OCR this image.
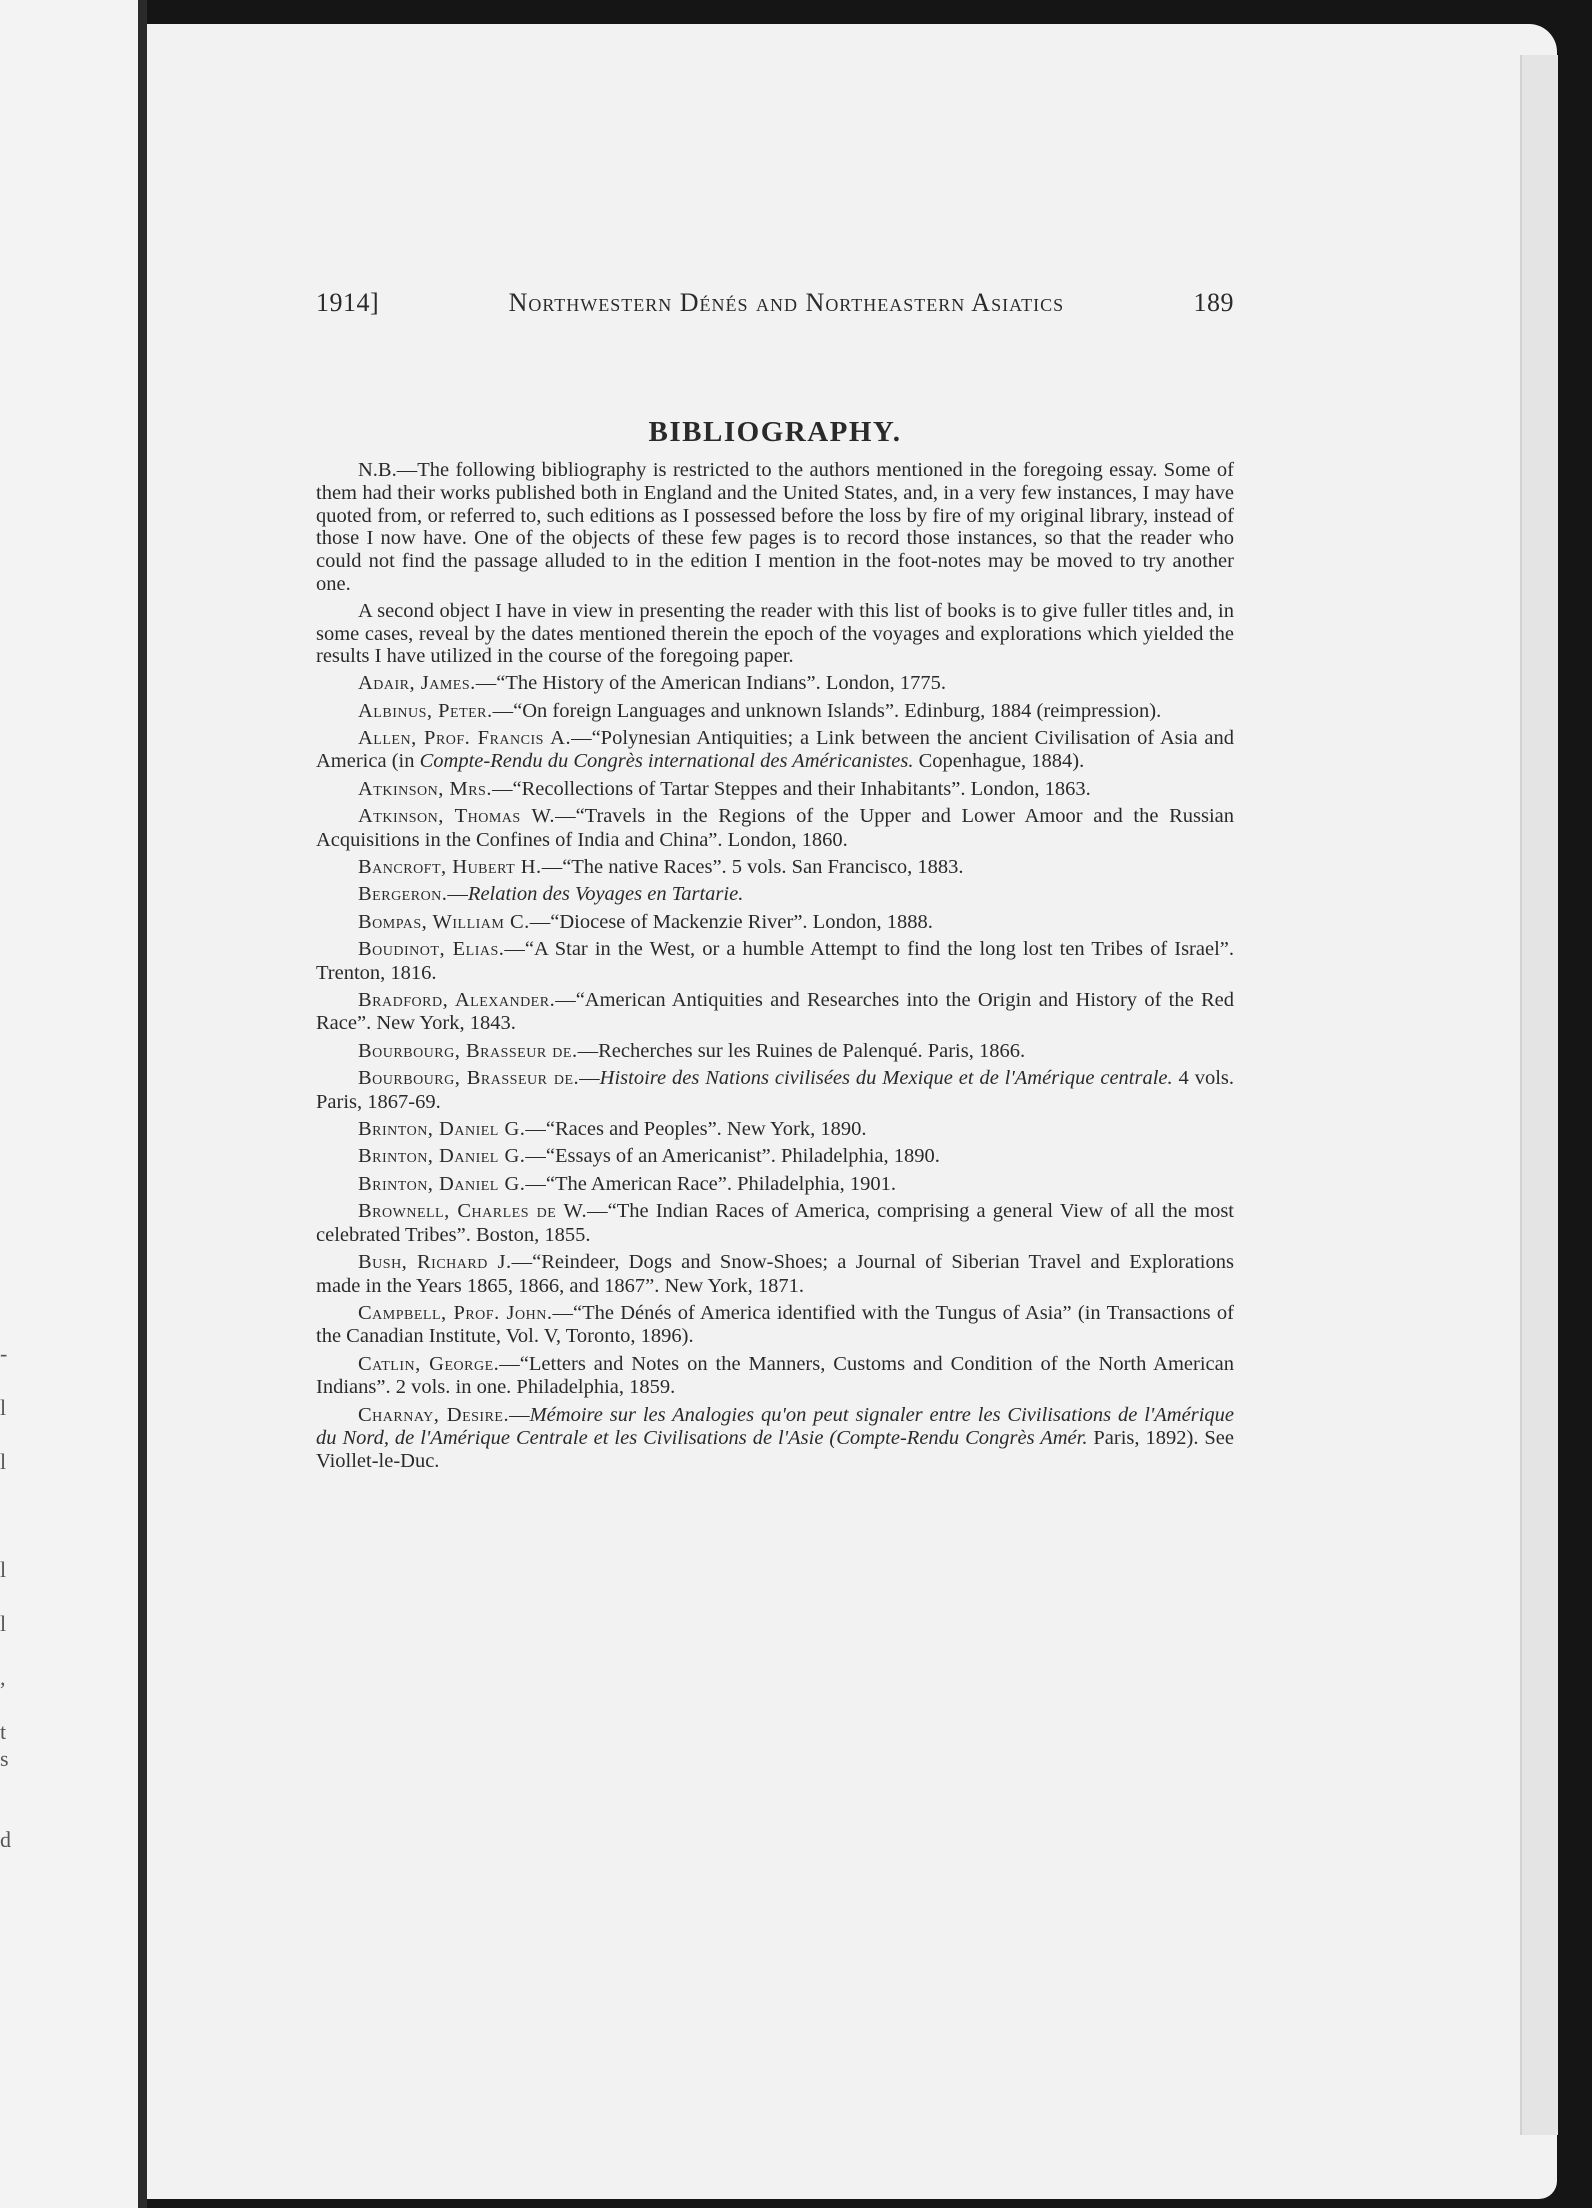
-
l
l
l
l
,
t
s
d
1914]	Northwestern Dénés and Northeastern Asiatics	189
BIBLIOGRAPHY.

N.B.—The following bibliography is restricted to the authors mentioned in the foregoing essay. Some of them had their works published both in England and the United States, and, in a very few instances, I may have quoted from, or referred to, such editions as I possessed before the loss by fire of my original library, instead of those I now have. One of the objects of these few pages is to record those instances, so that the reader who could not find the passage alluded to in the edition I mention in the foot-notes may be moved to try another one.

A second object I have in view in presenting the reader with this list of books is to give fuller titles and, in some cases, reveal by the dates mentioned therein the epoch of the voyages and explorations which yielded the results I have utilized in the course of the foregoing paper.

Adair, James.—“The History of the American Indians”. London, 1775.

Albinus, Peter.—“On foreign Languages and unknown Islands”. Edinburg, 1884 (reimpression).

Allen, Prof. Francis A.—“Polynesian Antiquities; a Link between the ancient Civilisation of Asia and America (in Compte-Rendu du Congrès international des Américanistes. Copenhague, 1884).

Atkinson, Mrs.—“Recollections of Tartar Steppes and their Inhabitants”. London, 1863.

Atkinson, Thomas W.—“Travels in the Regions of the Upper and Lower Amoor and the Russian Acquisitions in the Confines of India and China”. London, 1860.

Bancroft, Hubert H.—“The native Races”. 5 vols. San Francisco, 1883.

Bergeron.—Relation des Voyages en Tartarie.

Bompas, William C.—“Diocese of Mackenzie River”. London, 1888.

Boudinot, Elias.—“A Star in the West, or a humble Attempt to find the long lost ten Tribes of Israel”. Trenton, 1816.

Bradford, Alexander.—“American Antiquities and Researches into the Origin and History of the Red Race”. New York, 1843.

Bourbourg, Brasseur de.—Recherches sur les Ruines de Palenqué. Paris, 1866.

Bourbourg, Brasseur de.—Histoire des Nations civilisées du Mexique et de l'Amérique centrale. 4 vols. Paris, 1867-69.

Brinton, Daniel G.—“Races and Peoples”. New York, 1890.

Brinton, Daniel G.—“Essays of an Americanist”. Philadelphia, 1890.

Brinton, Daniel G.—“The American Race”. Philadelphia, 1901.

Brownell, Charles de W.—“The Indian Races of America, comprising a general View of all the most celebrated Tribes”. Boston, 1855.

Bush, Richard J.—“Reindeer, Dogs and Snow-Shoes; a Journal of Siberian Travel and Explorations made in the Years 1865, 1866, and 1867”. New York, 1871.

Campbell, Prof. John.—“The Dénés of America identified with the Tungus of Asia” (in Transactions of the Canadian Institute, Vol. V, Toronto, 1896).

Catlin, George.—“Letters and Notes on the Manners, Customs and Condition of the North American Indians”. 2 vols. in one. Philadelphia, 1859.

Charnay, Desire.—Mémoire sur les Analogies qu'on peut signaler entre les Civilisations de l'Amérique du Nord, de l'Amérique Centrale et les Civilisations de l'Asie (Compte-Rendu Congrès Amér. Paris, 1892). See Viollet-le-Duc.
